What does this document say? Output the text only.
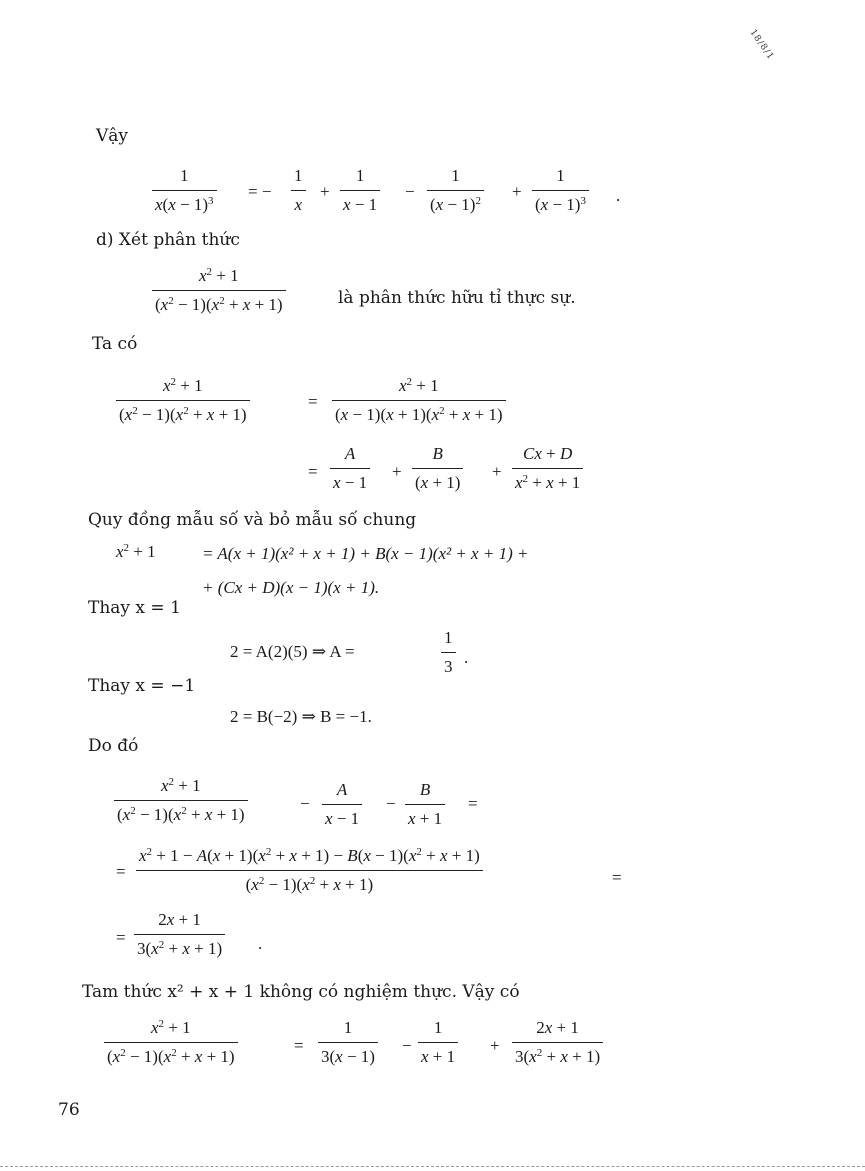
18/8/1
Vậy
1
$x(x - 1)^3$ = −
1
x
+
1
x − 1
−
1
$(x - 1)^2$ +
1
$(x - 1)^3$ .
d) Xét phân thức
$x^2 + 1$
$(x^2 - 1)(x^2 + x + 1)$	là phân thức hữu tỉ thực sự.
Ta có
$x^2 + 1$
$(x^2 - 1)(x^2 + x + 1)$
=
$x^2 + 1$
$(x - 1)(x + 1)(x^2 + x + 1)$
=
A
x − 1
+
B
(x + 1)
+
Cx + D
$x^2 + x + 1$
Quy đồng mẫu số và bỏ mẫu số chung
$x^2 + 1$	= A(x + 1)(x² + x + 1) + B(x − 1)(x² + x + 1) +
+ (Cx + D)(x − 1)(x + 1).
Thay x = 1
2 = A(2)(5) ⇒ A =
1
3 .
Thay x = −1
2 = B(−2) ⇒ B = −1.
Do đó
$x^2 + 1$
$(x^2 - 1)(x^2 + x + 1)$
−
A
x − 1
−
B
x + 1
=
=
$x^2 + 1 - A(x + 1)(x^2 + x + 1) - B(x - 1)(x^2 + x + 1)$
$(x^2 - 1)(x^2 + x + 1)$	=
=
2x + 1
$3(x^2 + x + 1)$ .
Tam thức x² + x + 1 không có nghiệm thực. Vậy có
$x^2 + 1$
$(x^2 - 1)(x^2 + x + 1)$
=
1
3(x − 1)
−
1
x + 1
+
2x + 1
$3(x^2 + x + 1)$
76
